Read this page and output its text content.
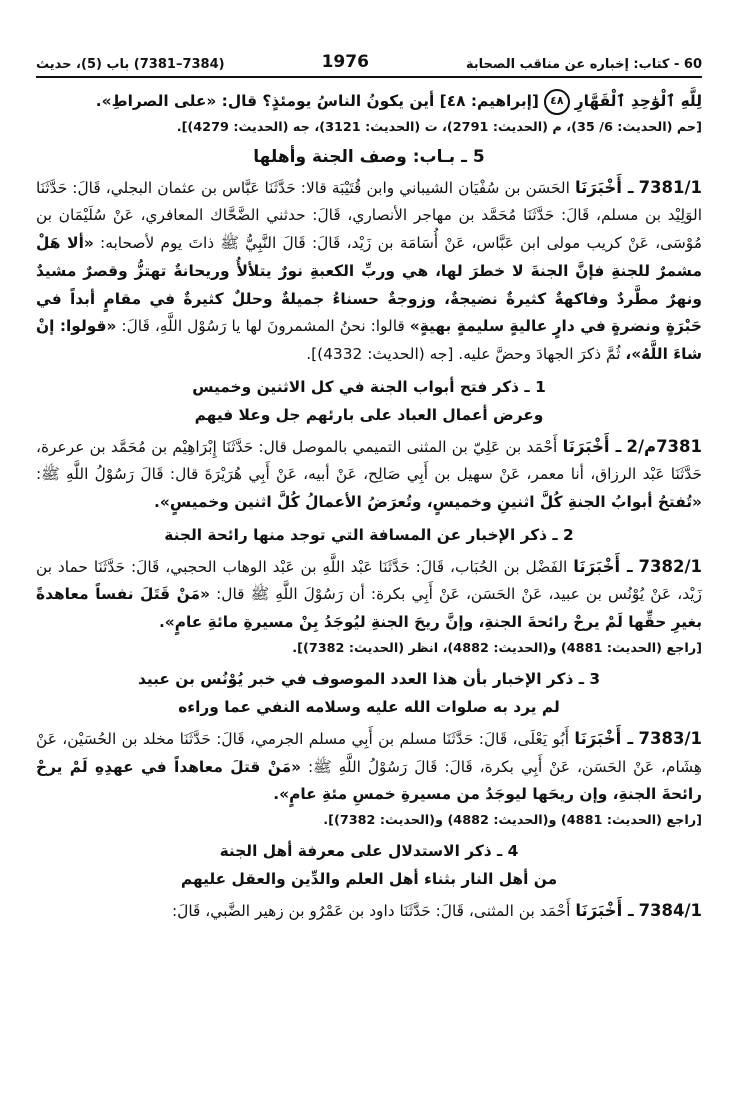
60 - كتاب: إخباره عن مناقب الصحابة
1976
(7384–7381) باب (5)، حديث

لِلَّهِ ٱلْوَٰحِدِ ٱلْقَهَّارِ ٤٨ [إبراهيم: ٤٨] أين يكونُ الناسُ يومئذٍ؟ قال: «على الصراطِ».

[حم (الحديث: 6/ 35)، م (الحديث: 2791)، ت (الحديث: 3121)، جه (الحديث: 4279)].

5 ـ بـاب: وصف الجنة وأهلها

7381/1 ـ أَخْبَرَنَا الحَسَن بن سُفْيَان الشيباني وابن قُتَيْبَة قالا: حَدَّثَنَا عَبَّاس بن عثمان البجلي، قَالَ: حَدَّثَنَا الوَلِيْد بن مسلم، قَالَ: حَدَّثَنَا مُحَمَّد بن مهاجر الأنصاري، قَالَ: حدثني الضَّحَّاك المعافري، عَنْ سُلَيْمَان بن مُوْسَى، عَنْ كريب مولى ابن عَبَّاس، عَنْ أُسَامَة بن زَيْد، قَالَ: قَالَ النَّبِيُّ ﷺ ذاتَ يوم لأصحابه: «ألا هَلْ مشمرٌ للجنةِ فإنَّ الجنةَ لا خطرَ لها، هي وربِّ الكعبةِ نورٌ يتلألأُ وريحانةٌ تهتزُّ وقصرٌ مشيدٌ ونهرٌ مطَّردٌ وفاكهةٌ كثيرةٌ نضيجةٌ، وزوجةٌ حسناءُ جميلةٌ وحللٌ كثيرةٌ في مقامٍ أبداً في حَبْرَةٍ ونضرةٍ في دارٍ عاليةٍ سليمةٍ بهيةٍ» قالوا: نحنُ المشمرونَ لها يا رَسُوْل اللَّهِ، قَالَ: «قولوا: إنْ شاءَ اللَّهُ»، ثُمَّ ذكرَ الجهادَ وحضَّ عليه. [جه (الحديث: 4332)].

1 ـ ذكر فتح أبواب الجنة في كل الاثنين وخميس
وعرض أعمال العباد على بارئهم جل وعلا فيهم

7381م/2 ـ أَخْبَرَنَا أَحْمَد بن عَلِيّ بن المثنى التميمي بالموصل قال: حَدَّثَنَا إِبْرَاهِيْم بن مُحَمَّد بن عرعرة، حَدَّثَنَا عَبْد الرزاق، أنا معمر، عَنْ سهيل بن أَبِي صَالِح، عَنْ أبيه، عَنْ أَبِي هُرَيْرَةَ قال: قَالَ رَسُوْلُ اللَّهِ ﷺ: «تُفتحُ أبوابُ الجنةِ كُلَّ اثنينِ وخميسٍ، وتُعرَضُ الأعمالُ كُلَّ اثنين وخميسٍ».

2 ـ ذكر الإخبار عن المسافة التي توجد منها رائحة الجنة

7382/1 ـ أَخْبَرَنَا الفَضْل بن الحُبَاب، قَالَ: حَدَّثَنَا عَبْد اللَّهِ بن عَبْد الوهاب الحجبي، قَالَ: حَدَّثَنَا حماد بن زَيْد، عَنْ يُوْنُس بن عبيد، عَنْ الحَسَن، عَنْ أَبِي بكرة: أن رَسُوْلَ اللَّهِ ﷺ قال: «مَنْ قَتَلَ نفساً معاهدةً بغيرِ حقِّها لَمْ يرحْ رائحةَ الجنةِ، وإنَّ ريحَ الجنةِ ليُوجَدُ بِنْ مسيرةِ مائةِ عامٍ».

[راجع (الحديث: 4881) و(الحديث: 4882)، انظر (الحديث: 7382)].

3 ـ ذكر الإخبار بأن هذا العدد الموصوف في خبر يُوْنُس بن عبيد
لم يرد به صلوات الله عليه وسلامه النفي عما وراءه

7383/1 ـ أَخْبَرَنَا أَبُو يَعْلَى، قَالَ: حَدَّثَنَا مسلم بن أَبِي مسلم الجرمي، قَالَ: حَدَّثَنَا مخلد بن الحُسَيْن، عَنْ هِشَام، عَنْ الحَسَن، عَنْ أَبِي بكرة، قَالَ: قَالَ رَسُوْلُ اللَّهِ ﷺ: «مَنْ قتلَ معاهداً في عهدِهِ لَمْ يرحْ رائحةَ الجنةِ، وإن ريحَها ليوجَدُ من مسيرةِ خمسِ مئةِ عامٍ».

[راجع (الحديث: 4881) و(الحديث: 4882) و(الحديث: 7382)].

4 ـ ذكر الاستدلال على معرفة أهل الجنة
من أهل النار بثناء أهل العلم والدِّين والعقل عليهم

7384/1 ـ أَخْبَرَنَا أَحْمَد بن المثنى، قَالَ: حَدَّثَنَا داود بن عَمْرُو بن زهير الضَّبي، قَالَ:
